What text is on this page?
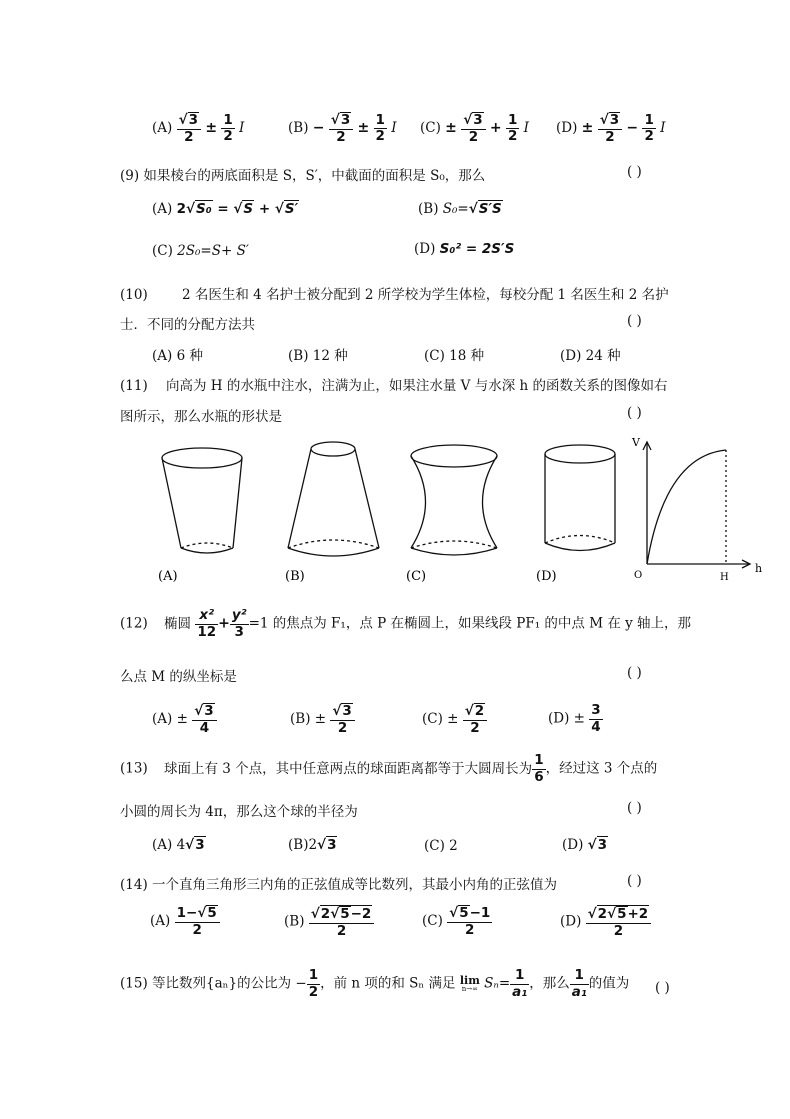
$(A) \frac{√3}{2} \pm \frac{1}{2}$ I	$(B) - \frac{√3}{2} \pm \frac{1}{2}$ I $(C) \pm \frac{√3}{2} + \frac{1}{2}$ I $(D) \pm \frac{√3}{2} - \frac{1}{2}$ I
(9) 如果棱台的两底面积是 S，S′，中截面的面积是 S₀，那么	( )
(A) 2√S₀ = √S + √S′	(B) S₀=√S′S
(C) 2S₀=S+ S′	(D) S₀² = 2S′S
(10)	2 名医生和 4 名护士被分配到 2 所学校为学生体检，每校分配 1 名医生和 2 名护
士．不同的分配方法共	( )
(A) 6 种	(B) 12 种	(C) 18 种	(D) 24 种
(11) 向高为 H 的水瓶中注水，注满为止，如果注水量 V 与水深 h 的函数关系的图像如右
图所示，那么水瓶的形状是	( )
(A)	(B)	(C)	(D)
V
h
O	H
(12) 椭圆 $\frac{\text{x²}}{12} + \frac{\text{y²}}{3} =1$ 的焦点为 F₁，点 P 在椭圆上，如果线段 PF₁ 的中点 M 在 y 轴上，那
么点 M 的纵坐标是	( )
$(A) \pm \frac{√3}{4}$	$(B) \pm \frac{√3}{2}$	$(C) \pm \frac{√2}{2}$	$(D) \pm \frac{3}{4}$
(13) 球面上有 3 个点，其中任意两点的球面距离都等于大圆周长为 $\frac{1}{6}$ ，经过这 3 个点的
小圆的周长为 4π，那么这个球的半径为	( )
(A) 4√3	(B)2√3	(C) 2	(D) √3
(14) 一个直角三角形三内角的正弦值成等比数列，其最小内角的正弦值为	( )
$(A) \frac{1-√5}{2}$	$(B) \frac{√2√5-2}{2}$	$(C) \frac{√5-1}{2}$	$(D) \frac{√2√5+2}{2}$
(15) 等比数列{aₙ}的公比为 − $\frac{1}{2}$ ，前 n 项的和 Sₙ 满足 lim
n→∞ $S_n= \frac{1}{\text{a₁}}$ ，那么 $\frac{1}{\text{a₁}}$ 的值为 ( )
